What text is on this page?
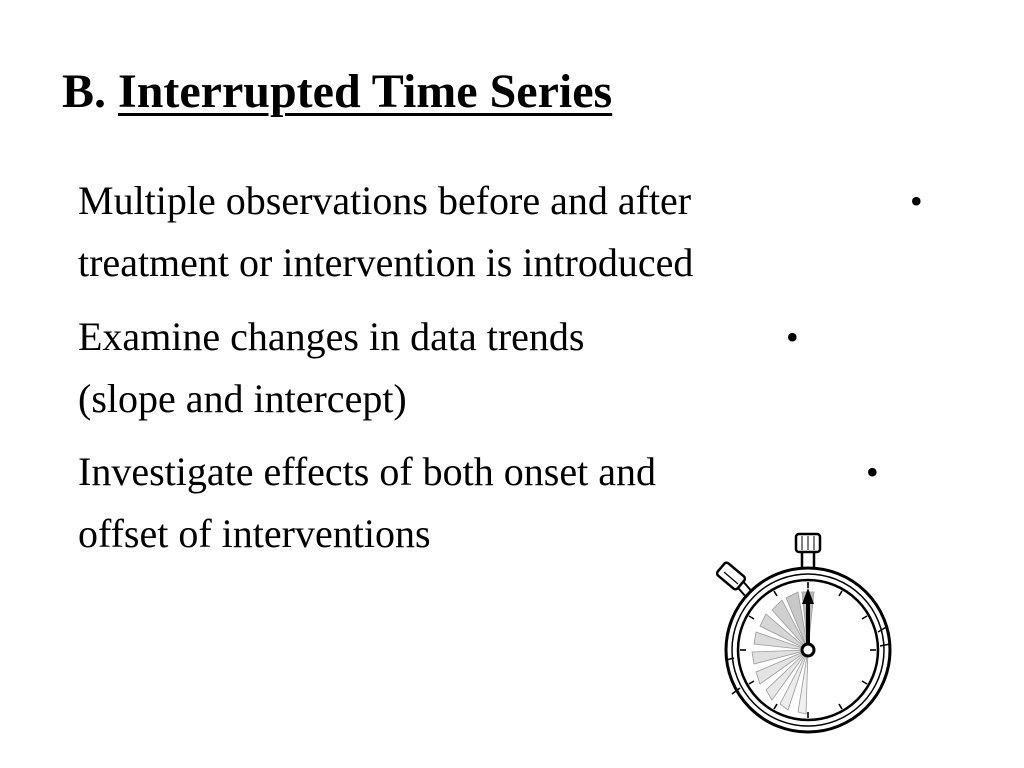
B. Interrupted Time Series
Multiple observations before and after
treatment or intervention is introduced
•
Examine changes in data trends
(slope and intercept)
•
Investigate effects of both onset and
offset of interventions
•
